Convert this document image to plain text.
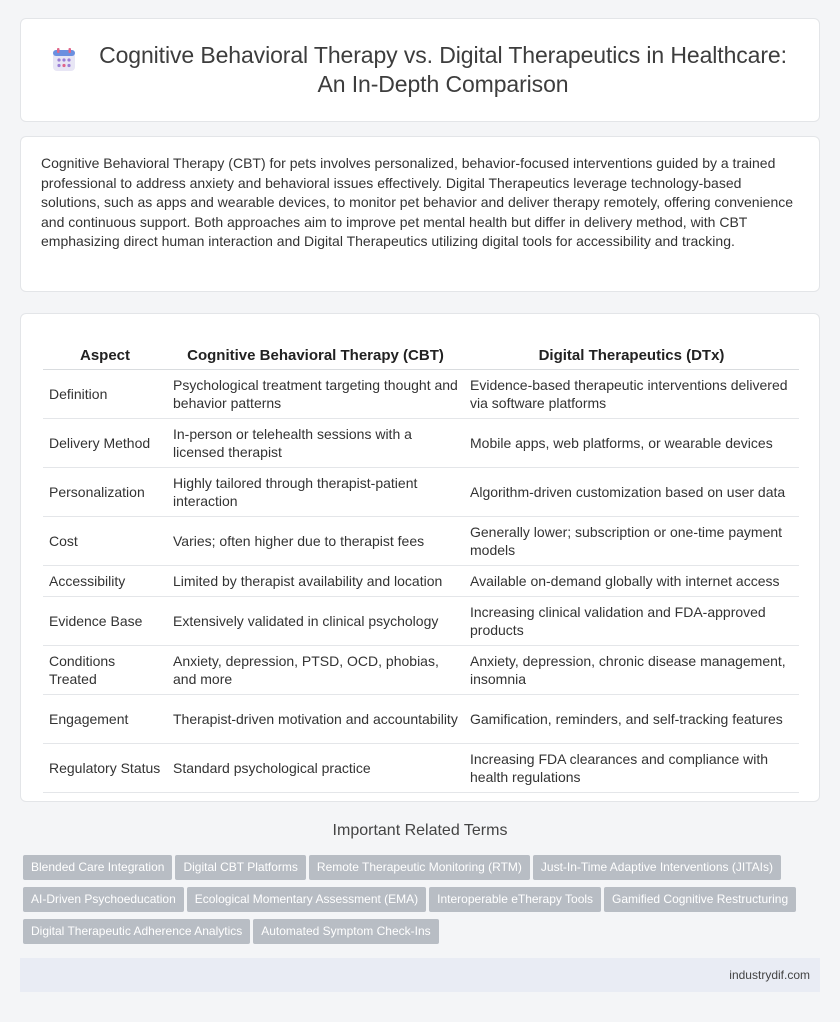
Cognitive Behavioral Therapy vs. Digital Therapeutics in Healthcare: An In-Depth Comparison

Cognitive Behavioral Therapy (CBT) for pets involves personalized, behavior-focused interventions guided by a trained professional to address anxiety and behavioral issues effectively. Digital Therapeutics leverage technology-based solutions, such as apps and wearable devices, to monitor pet behavior and deliver therapy remotely, offering convenience and continuous support. Both approaches aim to improve pet mental health but differ in delivery method, with CBT emphasizing direct human interaction and Digital Therapeutics utilizing digital tools for accessibility and tracking.

Aspect	Cognitive Behavioral Therapy (CBT)	Digital Therapeutics (DTx)
Definition	Psychological treatment targeting thought and behavior patterns	Evidence-based therapeutic interventions delivered via software platforms
Delivery Method	In-person or telehealth sessions with a licensed therapist	Mobile apps, web platforms, or wearable devices
Personalization	Highly tailored through therapist-patient interaction	Algorithm-driven customization based on user data
Cost	Varies; often higher due to therapist fees	Generally lower; subscription or one-time payment models
Accessibility	Limited by therapist availability and location	Available on-demand globally with internet access
Evidence Base	Extensively validated in clinical psychology	Increasing clinical validation and FDA-approved products
Conditions Treated	Anxiety, depression, PTSD, OCD, phobias, and more	Anxiety, depression, chronic disease management, insomnia
Engagement	Therapist-driven motivation and accountability	Gamification, reminders, and self-tracking features
Regulatory Status	Standard psychological practice	Increasing FDA clearances and compliance with health regulations
Important Related Terms
Blended Care Integration Digital CBT Platforms Remote Therapeutic Monitoring (RTM) Just-In-Time Adaptive Interventions (JITAIs)
AI-Driven Psychoeducation Ecological Momentary Assessment (EMA) Interoperable eTherapy Tools Gamified Cognitive Restructuring
Digital Therapeutic Adherence Analytics Automated Symptom Check-Ins
industrydif.com
